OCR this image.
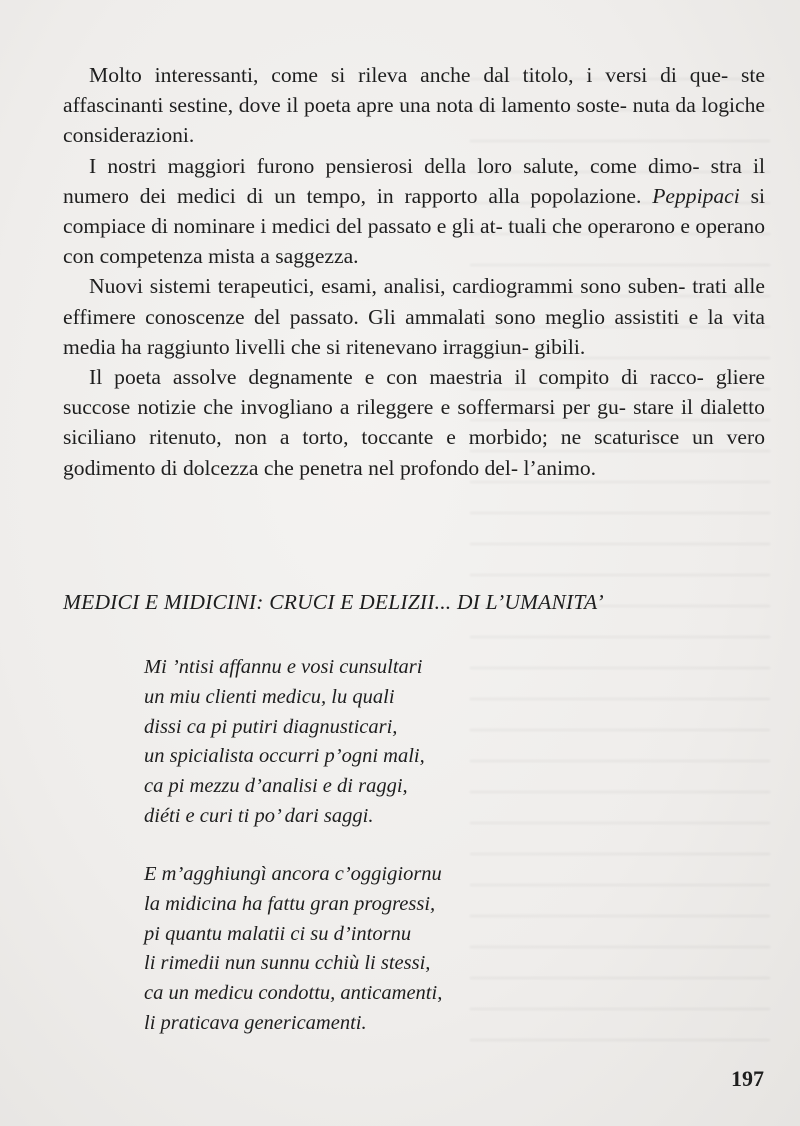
Molto interessanti, come si rileva anche dal titolo, i versi di que- ste affascinanti sestine, dove il poeta apre una nota di lamento soste- nuta da logiche considerazioni.

I nostri maggiori furono pensierosi della loro salute, come dimo- stra il numero dei medici di un tempo, in rapporto alla popolazione. Peppipaci si compiace di nominare i medici del passato e gli at- tuali che operarono e operano con competenza mista a saggezza.

Nuovi sistemi terapeutici, esami, analisi, cardiogrammi sono suben- trati alle effimere conoscenze del passato. Gli ammalati sono meglio assistiti e la vita media ha raggiunto livelli che si ritenevano irraggiun- gibili.

Il poeta assolve degnamente e con maestria il compito di racco- gliere succose notizie che invogliano a rileggere e soffermarsi per gu- stare il dialetto siciliano ritenuto, non a torto, toccante e morbido; ne scaturisce un vero godimento di dolcezza che penetra nel profondo del- l’animo.

MEDICI E MIDICINI: CRUCI E DELIZII... DI L’UMANITA’
Mi ’ntisi affannu e vosi cunsultari
un miu clienti medicu, lu quali
dissi ca pi putiri diagnusticari,
un spicialista occurri p’ogni mali,
ca pi mezzu d’analisi e di raggi,
diéti e curi ti po’ dari saggi.
E m’agghiungì ancora c’oggigiornu
la midicina ha fattu gran progressi,
pi quantu malatii ci su d’intornu
li rimedii nun sunnu cchiù li stessi,
ca un medicu condottu, anticamenti,
li praticava genericamenti.
197
